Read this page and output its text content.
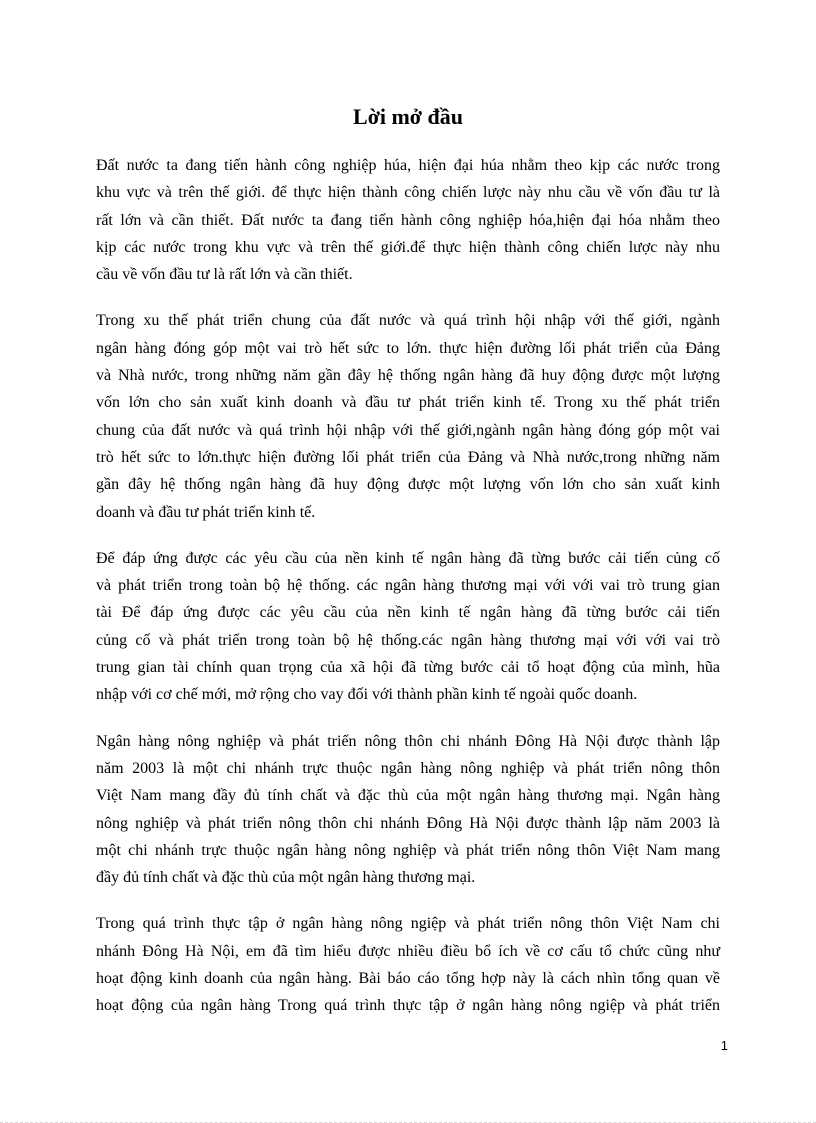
Lời mở đầu
Đất nước ta đang tiến hành công nghiệp húa, hiện đại húa nhằm theo kịp các nước trong
khu vực và trên thế giới. để thực hiện thành công chiến lược này nhu cầu về vốn đầu tư là
rất lớn và cần thiết. Đất nước ta đang tiến hành công nghiệp hóa,hiện đại hóa nhằm theo
kịp các nước trong khu vực và trên thế giới.để thực hiện thành công chiến lược này nhu
cầu về vốn đầu tư là rất lớn và cần thiết.
Trong xu thế phát triển chung của đất nước và quá trình hội nhập với thế giới, ngành
ngân hàng đóng góp một vai trò hết sức to lớn. thực hiện đường lối phát triển của Đảng
và Nhà nước, trong những năm gần đây hệ thống ngân hàng đã huy động được một lượng
vốn lớn cho sản xuất kinh doanh và đầu tư phát triển kinh tế. Trong xu thế phát triển
chung của đất nước và quá trình hội nhập với thế giới,ngành ngân hàng đóng góp một vai
trò hết sức to lớn.thực hiện đường lối phát triển của Đảng và Nhà nước,trong những năm
gần đây hệ thống ngân hàng đã huy động được một lượng vốn lớn cho sản xuất kinh
doanh và đầu tư phát triển kinh tế.
Để đáp ứng được các yêu cầu của nền kinh tế ngân hàng đã từng bước cải tiến củng cố
và phát triển trong toàn bộ hệ thống. các ngân hàng thương mại với với vai trò trung gian
tài Để đáp ứng được các yêu cầu của nền kinh tế ngân hàng đã từng bước cải tiến
củng cố và phát triển trong toàn bộ hệ thống.các ngân hàng thương mại với với vai trò
trung gian tài chính quan trọng của xã hội đã từng bước cải tổ hoạt động của mình, hũa
nhập với cơ chế mới, mở rộng cho vay đối với thành phần kinh tế ngoài quốc doanh.
Ngân hàng nông nghiệp và phát triển nông thôn chi nhánh Đông Hà Nội được thành lập
năm 2003 là một chi nhánh trực thuộc ngân hàng nông nghiệp và phát triển nông thôn
Việt Nam mang đầy đủ tính chất và đặc thù của một ngân hàng thương mại. Ngân hàng
nông nghiệp và phát triển nông thôn chi nhánh Đông Hà Nội được thành lập năm 2003 là
một chi nhánh trực thuộc ngân hàng nông nghiệp và phát triển nông thôn Việt Nam mang
đầy đủ tính chất và đặc thù của một ngân hàng thương mại.
Trong quá trình thực tập ở ngân hàng nông ngiệp và phát triển nông thôn Việt Nam chi
nhánh Đông Hà Nội, em đã tìm hiểu được nhiều điều bổ ích về cơ cấu tổ chức cũng như
hoạt động kinh doanh của ngân hàng. Bài báo cáo tổng hợp này là cách nhìn tổng quan về
hoạt động của ngân hàng Trong quá trình thực tập ở ngân hàng nông ngiệp và phát triển
1
